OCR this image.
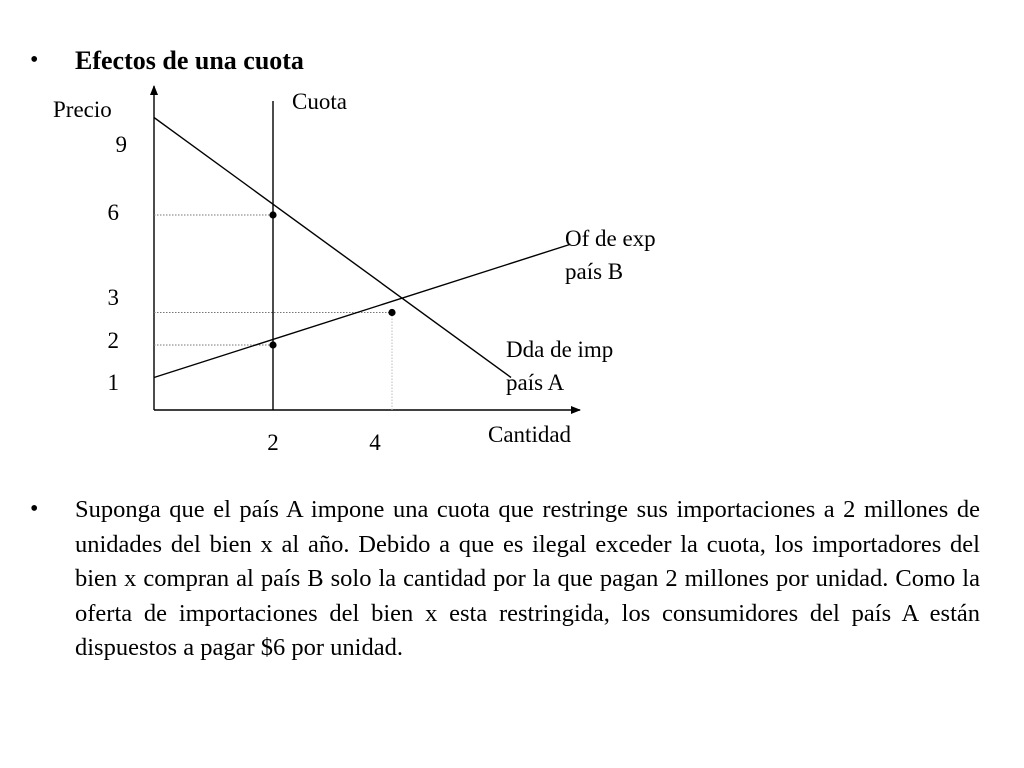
•	Efectos de una cuota
Precio
Cantidad
9
6
3
2
1
2	4
Cuota
Of de exp
país B
Dda de imp
país A
•	Suponga que el país A impone una cuota que restringe sus importaciones a 2 millones de unidades del bien x al año. Debido a que es ilegal exceder la cuota, los importadores del bien x compran al país B solo la cantidad por la que pagan 2 millones por unidad. Como la oferta de importaciones del bien x esta restringida, los consumidores del país A están dispuestos a pagar $6 por unidad.
